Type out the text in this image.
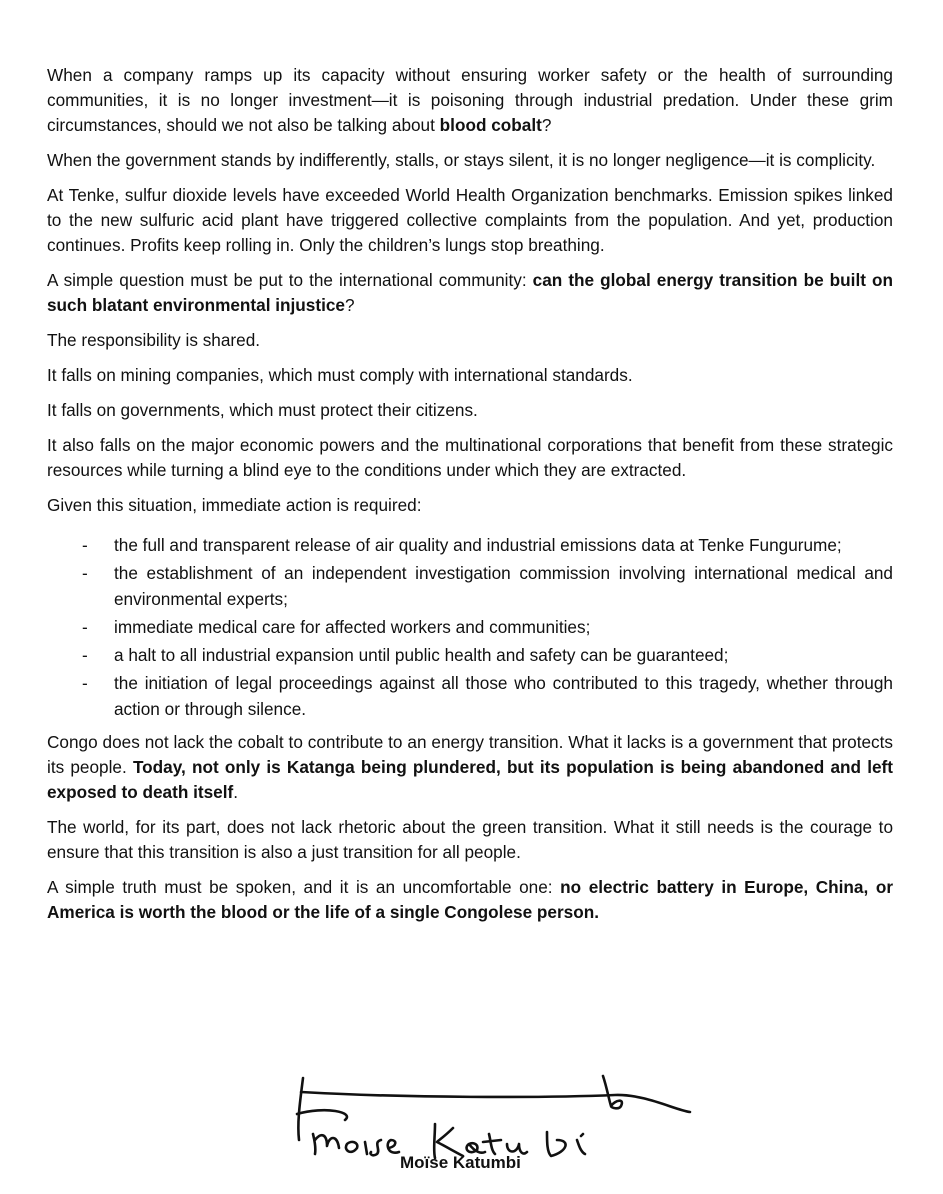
When a company ramps up its capacity without ensuring worker safety or the health of surrounding communities, it is no longer investment—it is poisoning through industrial predation. Under these grim circumstances, should we not also be talking about blood cobalt?

When the government stands by indifferently, stalls, or stays silent, it is no longer negligence—it is complicity.

At Tenke, sulfur dioxide levels have exceeded World Health Organization benchmarks. Emission spikes linked to the new sulfuric acid plant have triggered collective complaints from the population. And yet, production continues. Profits keep rolling in. Only the children’s lungs stop breathing.

A simple question must be put to the international community: can the global energy transition be built on such blatant environmental injustice?

The responsibility is shared.

It falls on mining companies, which must comply with international standards.

It falls on governments, which must protect their citizens.

It also falls on the major economic powers and the multinational corporations that benefit from these strategic resources while turning a blind eye to the conditions under which they are extracted.

Given this situation, immediate action is required:

- the full and transparent release of air quality and industrial emissions data at Tenke Fungurume;
- the establishment of an independent investigation commission involving international medical and environmental experts;
- immediate medical care for affected workers and communities;
- a halt to all industrial expansion until public health and safety can be guaranteed;
- the initiation of legal proceedings against all those who contributed to this tragedy, whether through action or through silence.

Congo does not lack the cobalt to contribute to an energy transition. What it lacks is a government that protects its people. Today, not only is Katanga being plundered, but its population is being abandoned and left exposed to death itself.

The world, for its part, does not lack rhetoric about the green transition. What it still needs is the courage to ensure that this transition is also a just transition for all people.

A simple truth must be spoken, and it is an uncomfortable one: no electric battery in Europe, China, or America is worth the blood or the life of a single Congolese person.

Moïse Katumbi
